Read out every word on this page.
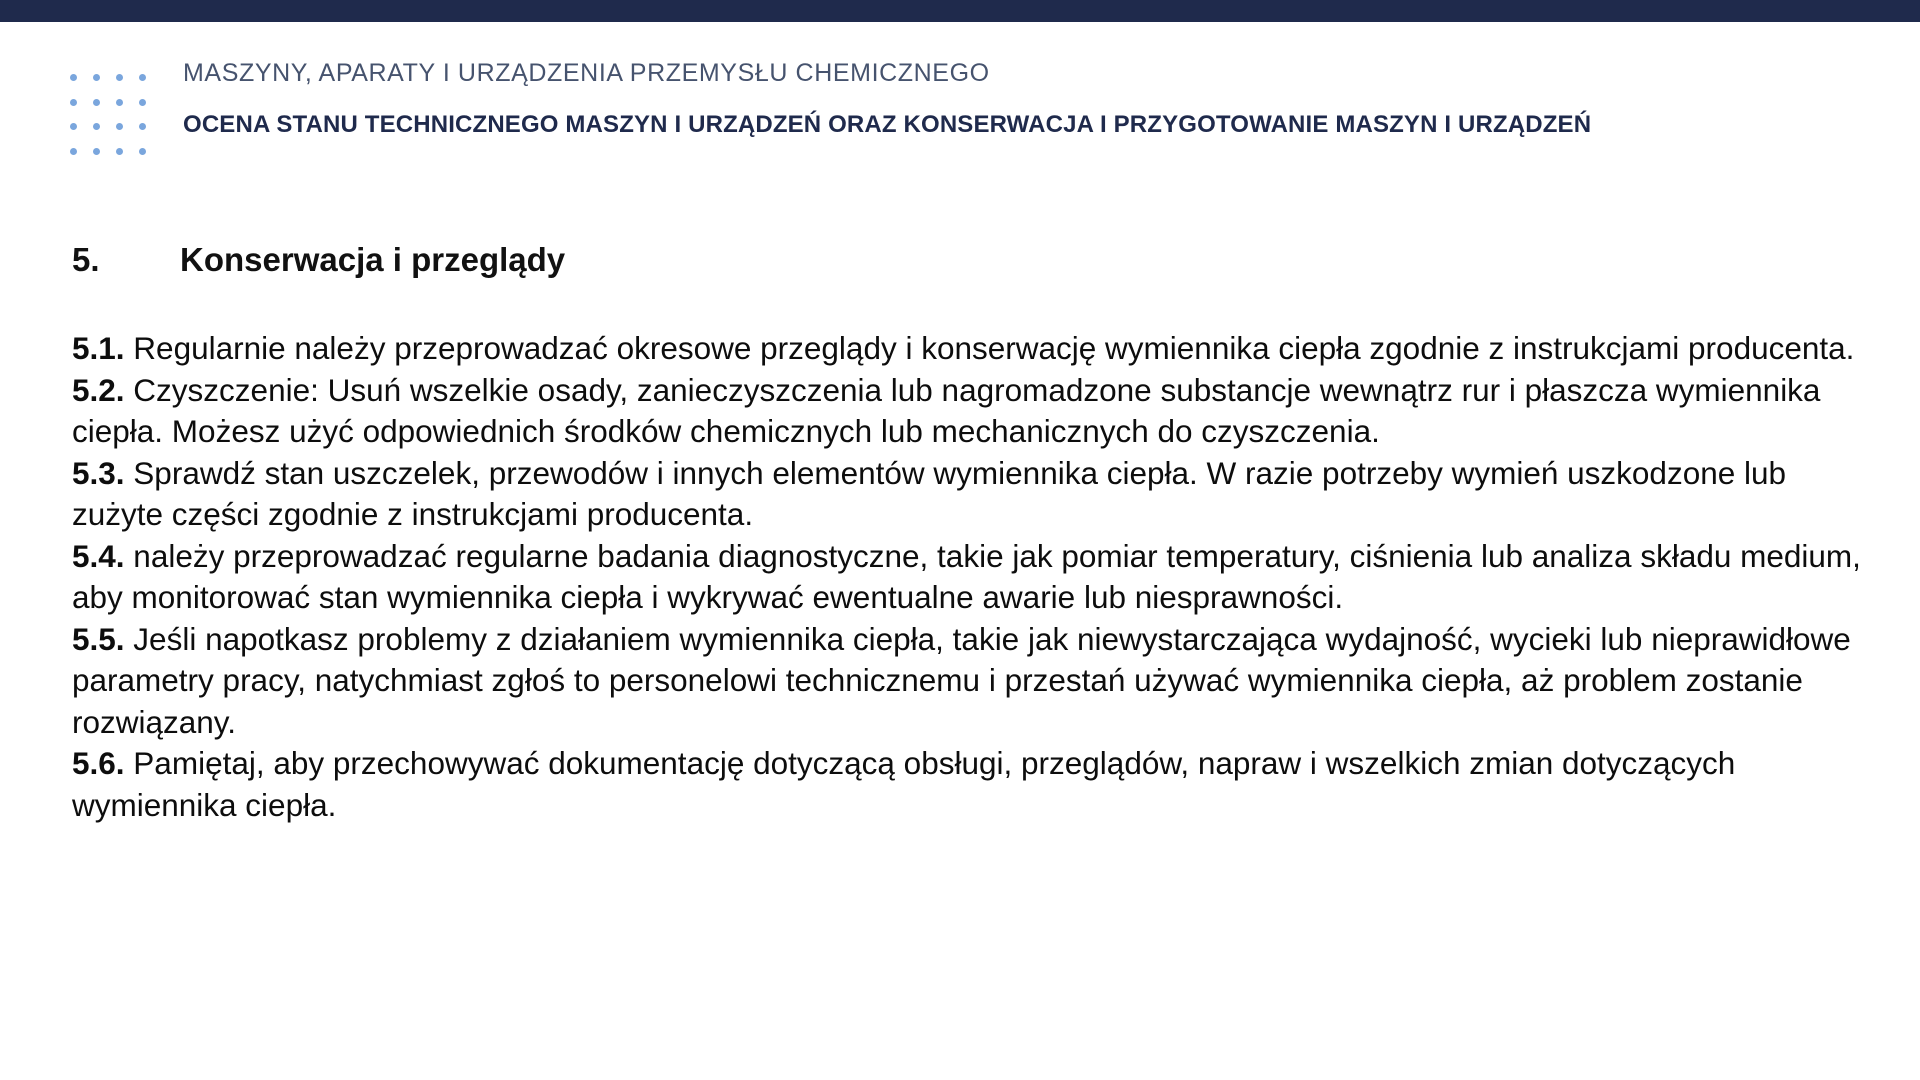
MASZYNY, APARATY I URZĄDZENIA PRZEMYSŁU CHEMICZNEGO
OCENA STANU TECHNICZNEGO MASZYN I URZĄDZEŃ ORAZ KONSERWACJA I PRZYGOTOWANIE MASZYN I URZĄDZEŃ
5. Konserwacja i przeglądy

5.1. Regularnie należy przeprowadzać okresowe przeglądy i konserwację wymiennika ciepła zgodnie z instrukcjami producenta.

5.2. Czyszczenie: Usuń wszelkie osady, zanieczyszczenia lub nagromadzone substancje wewnątrz rur i płaszcza wymiennika ciepła. Możesz użyć odpowiednich środków chemicznych lub mechanicznych do czyszczenia.

5.3. Sprawdź stan uszczelek, przewodów i innych elementów wymiennika ciepła. W razie potrzeby wymień uszkodzone lub zużyte części zgodnie z instrukcjami producenta.

5.4. należy przeprowadzać regularne badania diagnostyczne, takie jak pomiar temperatury, ciśnienia lub analiza składu medium, aby monitorować stan wymiennika ciepła i wykrywać ewentualne awarie lub niesprawności.

5.5. Jeśli napotkasz problemy z działaniem wymiennika ciepła, takie jak niewystarczająca wydajność, wycieki lub nieprawidłowe parametry pracy, natychmiast zgłoś to personelowi technicznemu i przestań używać wymiennika ciepła, aż problem zostanie rozwiązany.

5.6. Pamiętaj, aby przechowywać dokumentację dotyczącą obsługi, przeglądów, napraw i wszelkich zmian dotyczących wymiennika ciepła.
